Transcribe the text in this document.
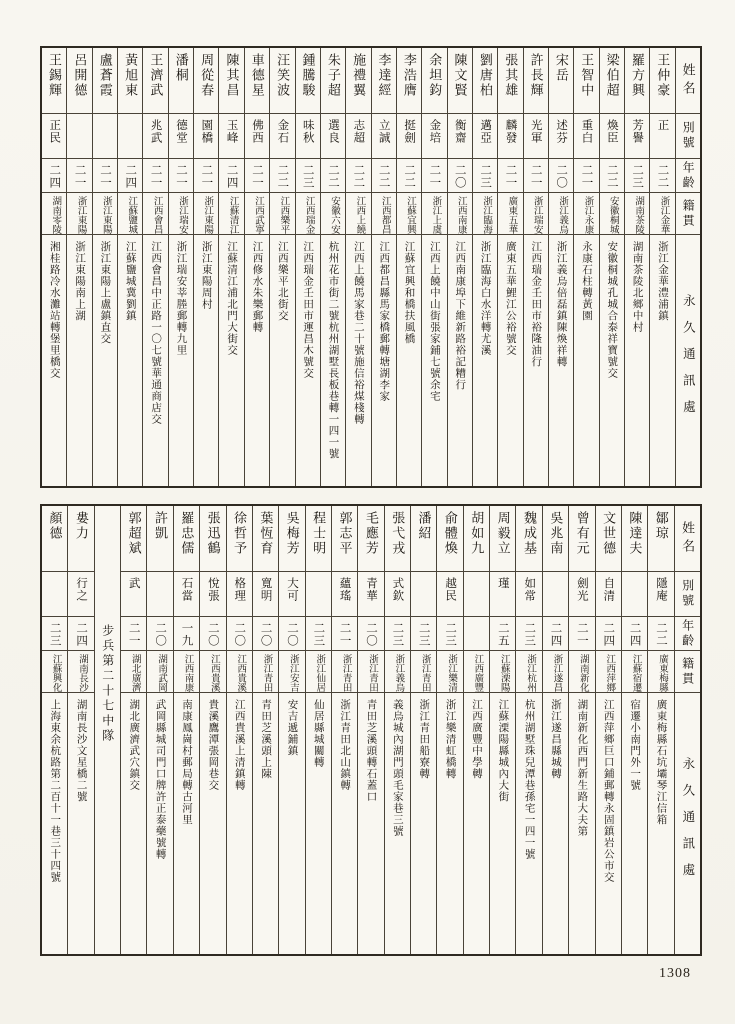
姓名
別號
年齡
籍貫
永久通訊處
王仲豪
正
二二
浙江金華
浙江金華澧浦鎮
羅方興
芳譽
二三
湖南茶陵
湖南茶陵北鄉中村
梁伯超
煥臣
二二
安徽桐城
安徽桐城孔城合泰祥寶號交
王智中
重白
二一
浙江永康
永康石柱轉黃園
宋岳
述芬
二〇
浙江義烏
浙江義烏倍磊鎮陳煥祥轉
許長輝
光軍
二一
浙江瑞安
江西瑞金壬田市裕隆油行
張其雄
麟發
二一
廣東五華
廣東五華鯉江公裕號交
劉唐柏
邁亞
二三
浙江臨海
浙江臨海白水洋轉尤溪
陳文賢
衡齋
二〇
江西南康
江西南康埠下維新路裕記糟行
余坦鈞
金培
二一
浙江上虞
江西上饒中山街張家鋪七號余宅
李浩膺
挺劍
二二
江蘇宜興
江蘇宜興和橋扶風橋
李達經
立誠
二二
江西都昌
江西都昌縣馬家橋郵轉塘湖李家
施禮翼
志超
二二
江西上饒
江西上饒馬家巷二十號施信裕煤棧轉
朱子超
選良
二二
安徽六安
杭州花市街二號杭州湖墅長板巷轉一四一號
鍾騰駿
味秋
二三
江西瑞金
江西瑞金壬田市運昌木號交
汪笑波
金石
二二
江西樂平
江西樂平北街交
車德星
佛西
二一
江西武寧
江西修水朱樂郵轉
陳其昌
玉峰
二四
江蘇清江
江蘇清江浦北門大街交
周從春
園橋
二一
浙江東陽
浙江東陽周村
潘桐
德堂
二一
浙江瑞安
浙江瑞安莘塍郵轉九里
王濟武
兆武
二一
江西會昌
江西會昌中正路一〇七號華通商店交
黃旭東
二四
江蘇鹽城
江蘇鹽城冀劉鎮
盧蒼霞
二一
浙江東陽
浙江東陽上盧鎮直交
呂開德
二一
浙江東陽
浙江東陽南上湖
王錫輝
正民
二四
湖南零陵
湘桂路冷水灘站轉堡里橋交
姓名
別號
年齡
籍貫
永久通訊處
鄒琼
隱庵
二二
廣東梅縣
廣東梅縣石坑壩琴江信箱
陳達夫
二四
江蘇宿遷
宿遷小南門外一號
文世德
自清
二四
江西萍鄉
江西萍鄉巨口鋪郵轉永固鎮岩公市交
曾有元
劍光
二一
湖南新化
湖南新化西門新生路大夫第
吳兆南
二四
浙江遂昌
浙江遂昌縣城轉
魏成基
如常
二三
浙江杭州
杭州湖墅珠兒潭巷孫宅一四一號
周毅立
瑾
二五
江蘇溧陽
江蘇溧陽縣城內大街
胡如九
江西廣豐
江西廣豐中學轉
俞體煥
越民
二三
浙江樂清
浙江樂清虹橋轉
潘紹
二三
浙江青田
浙江青田船寮轉
張弋戎
式欽
二三
浙江義烏
義烏城內湖門頭毛家巷三號
毛應芳
青華
二〇
浙江青田
青田芝溪頭轉石蓋口
郭志平
蘊瑤
二一
浙江青田
浙江青田北山鎮轉
程士明
二三
浙江仙居
仙居縣城關轉
吳梅芳
大可
二〇
浙江安吉
安吉遞鋪鎮
葉恆育
寬明
二〇
浙江青田
青田芝溪頭上陳
徐哲予
格理
二〇
江西貴溪
江西貴溪上清鎮轉
張迅鶴
悅張
二〇
江西貴溪
貴溪鷹潭張岡巷交
羅忠儒
石當
一九
江西南康
南康鳳崗村郵局轉古河里
許凱
二〇
湖南武岡
武岡縣城司門口牌許正泰藥號轉
郭超斌
武
二一
湖北廣濟
湖北廣濟武穴鎮交
步兵第二十七中隊
婁力
行之
二四
湖南長沙
湖南長沙文星橋二號
顏德
二三
江蘇興化
上海東余杭路第二百十一巷三十四號
1308
